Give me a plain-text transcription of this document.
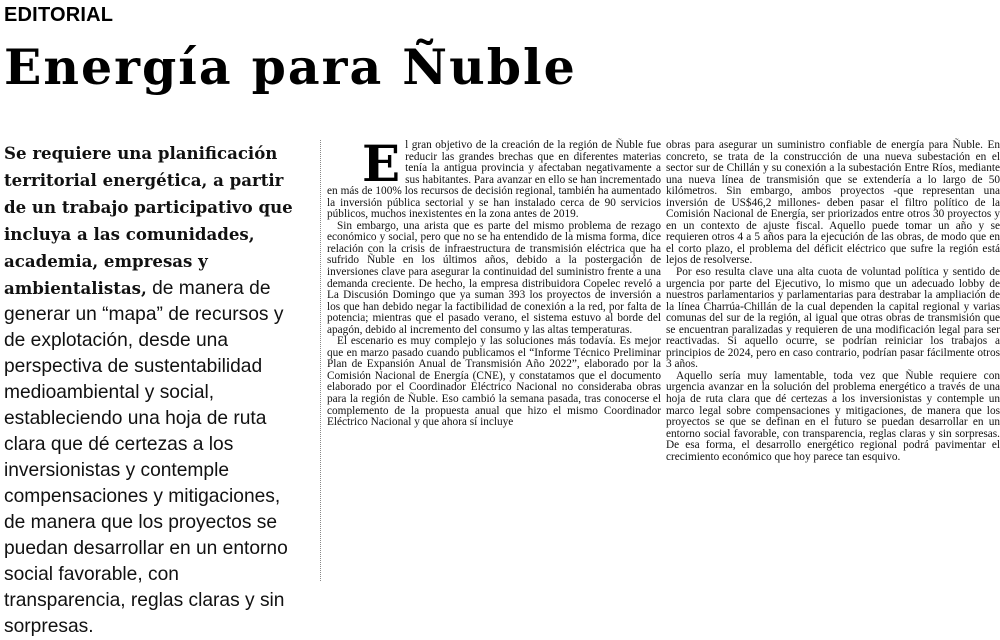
EDITORIAL
Energía para Ñuble
Se requiere una planificación territorial energética, a partir de un trabajo participativo que incluya a las comunidades, academia, empresas y ambientalistas, de manera de generar un “mapa” de recursos y de explotación, desde una perspectiva de sustentabilidad medioambiental y social, estableciendo una hoja de ruta clara que dé certezas a los inversionistas y contemple compensaciones y mitigaciones, de manera que los proyectos se puedan desarrollar en un entorno social favorable, con transparencia, reglas claras y sin sorpresas.
E l gran objetivo de la creación de la región de Ñuble fue reducir las grandes brechas que en diferentes materias tenía la antigua provincia y afectaban negativamente a sus habitantes. Para avanzar en ello se han incrementado en más de 100% los recursos de decisión regional, también ha aumentado la inversión pública sectorial y se han instalado cerca de 90 servicios públicos, muchos inexistentes en la zona antes de 2019.

Sin embargo, una arista que es parte del mismo problema de rezago económico y social, pero que no se ha entendido de la misma forma, dice relación con la crisis de infraestructura de transmisión eléctrica que ha sufrido Ñuble en los últimos años, debido a la postergación de inversiones clave para asegurar la continuidad del suministro frente a una demanda creciente. De hecho, la empresa distribuidora Copelec reveló a La Discusión Domingo que ya suman 393 los proyectos de inversión a los que han debido negar la factibilidad de conexión a la red, por falta de potencia; mientras que el pasado verano, el sistema estuvo al borde del apagón, debido al incremento del consumo y las altas temperaturas.

El escenario es muy complejo y las soluciones más todavía. Es mejor que en marzo pasado cuando publicamos el “Informe Técnico Preliminar Plan de Expansión Anual de Transmisión Año 2022”, elaborado por la Comisión Nacional de Energía (CNE), y constatamos que el documento elaborado por el Coordinador Eléctrico Nacional no consideraba obras para la región de Ñuble. Eso cambió la semana pasada, tras conocerse el complemento de la propuesta anual que hizo el mismo Coordinador Eléctrico Nacional y que ahora sí incluye

obras para asegurar un suministro confiable de energía para Ñuble. En concreto, se trata de la construcción de una nueva subestación en el sector sur de Chillán y su conexión a la subestación Entre Ríos, mediante una nueva línea de transmisión que se extendería a lo largo de 50 kilómetros. Sin embargo, ambos proyectos -que representan una inversión de US$46,2 millones- deben pasar el filtro político de la Comisión Nacional de Energía, ser priorizados entre otros 30 proyectos y en un contexto de ajuste fiscal. Aquello puede tomar un año y se requieren otros 4 a 5 años para la ejecución de las obras, de modo que en el corto plazo, el problema del déficit eléctrico que sufre la región está lejos de resolverse.

Por eso resulta clave una alta cuota de voluntad política y sentido de urgencia por parte del Ejecutivo, lo mismo que un adecuado lobby de nuestros parlamentarios y parlamentarias para destrabar la ampliación de la línea Charrúa-Chillán de la cual dependen la capital regional y varias comunas del sur de la región, al igual que otras obras de transmisión que se encuentran paralizadas y requieren de una modificación legal para ser reactivadas. Si aquello ocurre, se podrían reiniciar los trabajos a principios de 2024, pero en caso contrario, podrían pasar fácilmente otros 3 años.

Aquello sería muy lamentable, toda vez que Ñuble requiere con urgencia avanzar en la solución del problema energético a través de una hoja de ruta clara que dé certezas a los inversionistas y contemple un marco legal sobre compensaciones y mitigaciones, de manera que los proyectos se que se definan en el futuro se puedan desarrollar en un entorno social favorable, con transparencia, reglas claras y sin sorpresas. De esa forma, el desarrollo energético regional podrá pavimentar el crecimiento económico que hoy parece tan esquivo.
